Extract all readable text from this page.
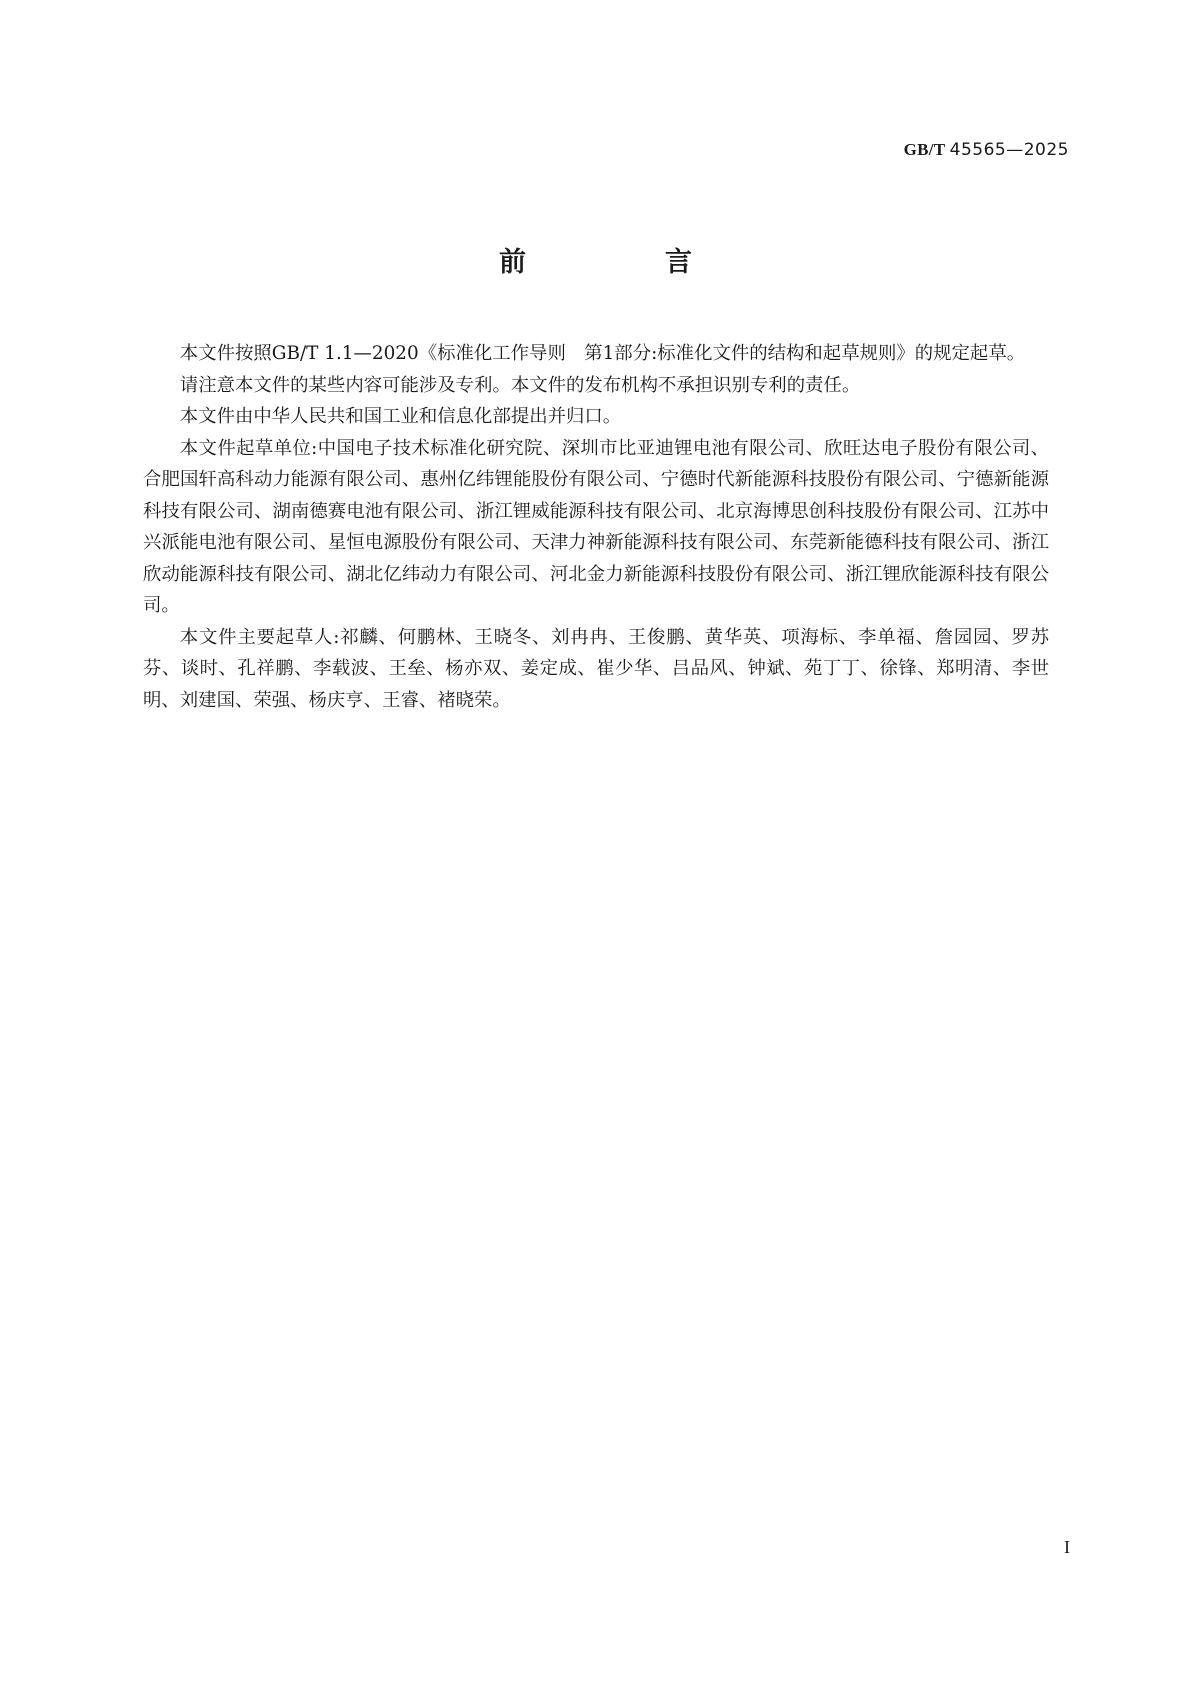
GB/T 45565—2025
前　言

本文件按照GB/T 1.1—2020《标准化工作导则　第1部分:标准化文件的结构和起草规则》的规定起草。

请注意本文件的某些内容可能涉及专利。本文件的发布机构不承担识别专利的责任。

本文件由中华人民共和国工业和信息化部提出并归口。

本文件起草单位:中国电子技术标准化研究院、深圳市比亚迪锂电池有限公司、欣旺达电子股份有限公司、合肥国轩高科动力能源有限公司、惠州亿纬锂能股份有限公司、宁德时代新能源科技股份有限公司、宁德新能源科技有限公司、湖南德赛电池有限公司、浙江锂威能源科技有限公司、北京海博思创科技股份有限公司、江苏中兴派能电池有限公司、星恒电源股份有限公司、天津力神新能源科技有限公司、东莞新能德科技有限公司、浙江欣动能源科技有限公司、湖北亿纬动力有限公司、河北金力新能源科技股份有限公司、浙江锂欣能源科技有限公司。

本文件主要起草人:祁麟、何鹏林、王晓冬、刘冉冉、王俊鹏、黄华英、项海标、李单福、詹园园、罗苏芬、谈时、孔祥鹏、李载波、王垒、杨亦双、姜定成、崔少华、吕品风、钟斌、苑丁丁、徐锋、郑明清、李世明、刘建国、荣强、杨庆亨、王睿、褚晓荣。

I
